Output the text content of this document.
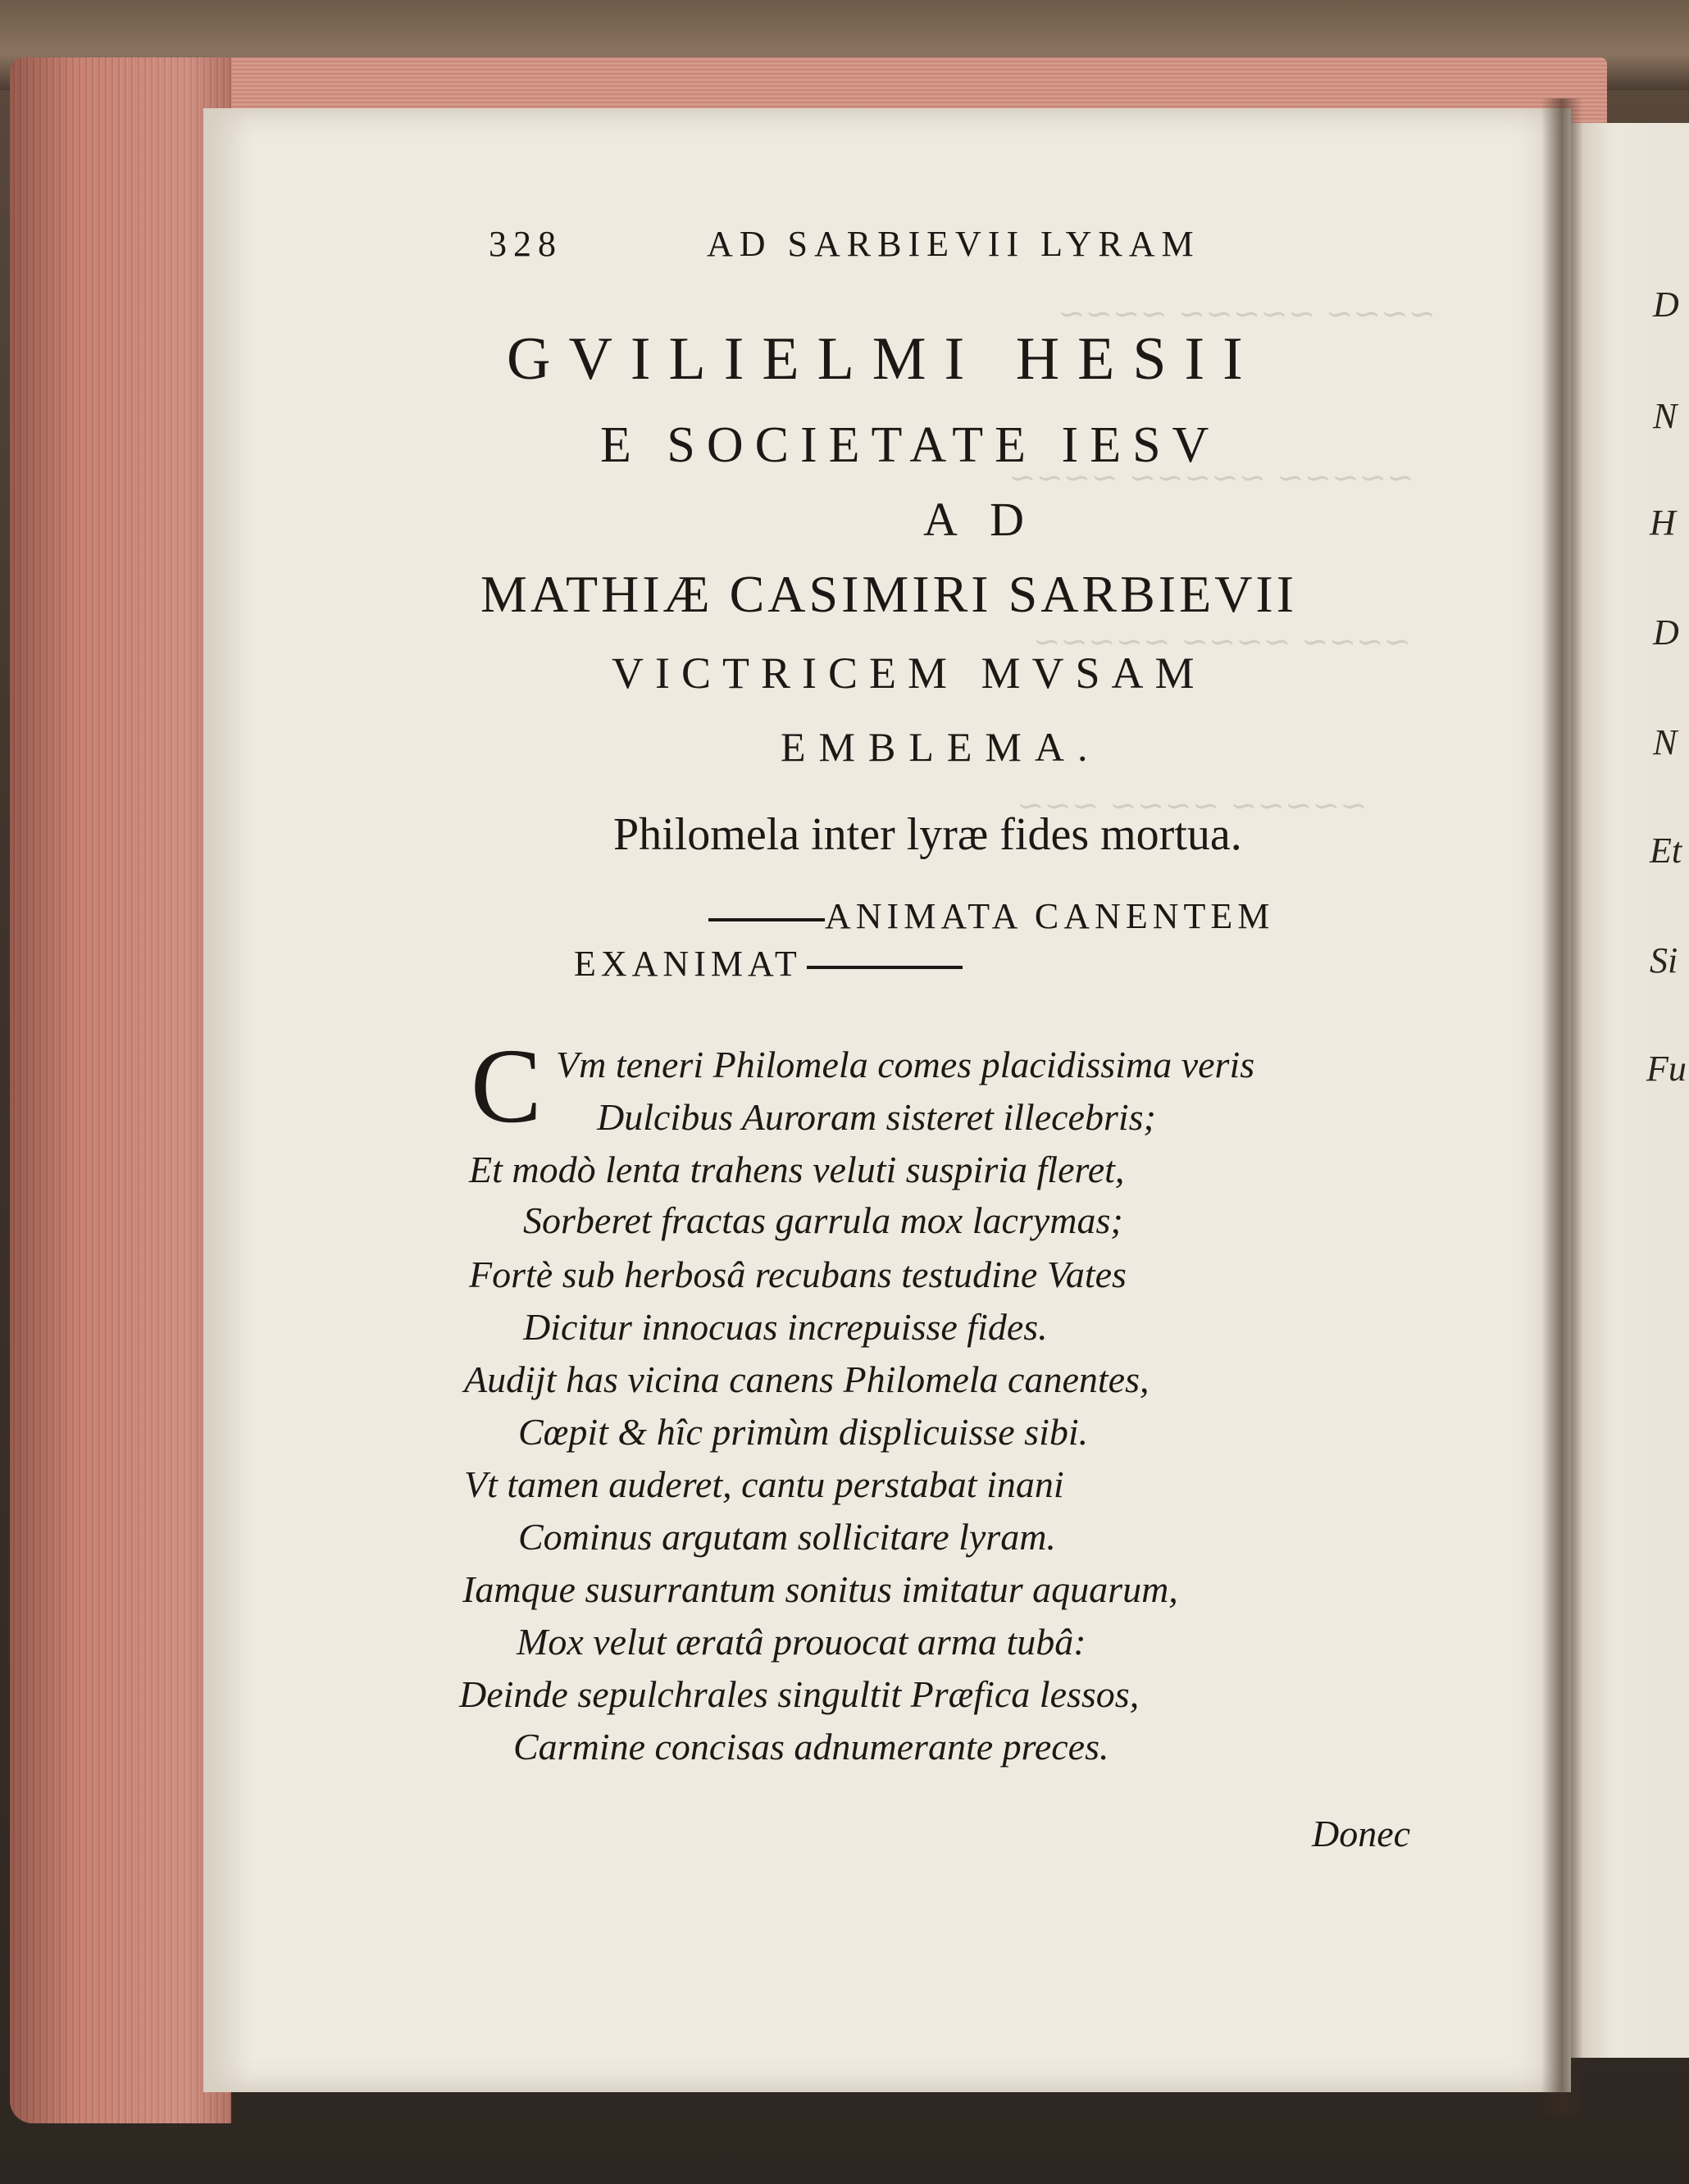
~~~~ ~~~~~ ~~~~
~~~~~ ~~~~~ ~~~~
~~~~ ~~~~ ~~~~~
~~~~~ ~~~~ ~~~
328	AD SARBIEVII LYRAM
GVILIELMI HESII
E SOCIETATE IESV
A D
MATHIÆ CASIMIRI SARBIEVII
VICTRICEM MVSAM
EMBLEMA.
Philomela inter lyræ fides mortua.
ANIMATA CANENTEM
EXANIMAT
C Vm teneri Philomela comes placidissima veris
Dulcibus Auroram sisteret illecebris;
Et modò lenta trahens veluti suspiria fleret,
Sorberet fractas garrula mox lacrymas;
Fortè sub herbosâ recubans testudine Vates
Dicitur innocuas increpuisse fides.
Audijt has vicina canens Philomela canentes,
Cœpit & hîc primùm displicuisse sibi.
Vt tamen auderet, cantu perstabat inani
Cominus argutam sollicitare lyram.
Iamque susurrantum sonitus imitatur aquarum,
Mox velut æratâ prouocat arma tubâ:
Deinde sepulchrales singultit Præfica lessos,
Carmine concisas adnumerante preces.
Donec
D
N
H
D
N
Et
Si
Fu
